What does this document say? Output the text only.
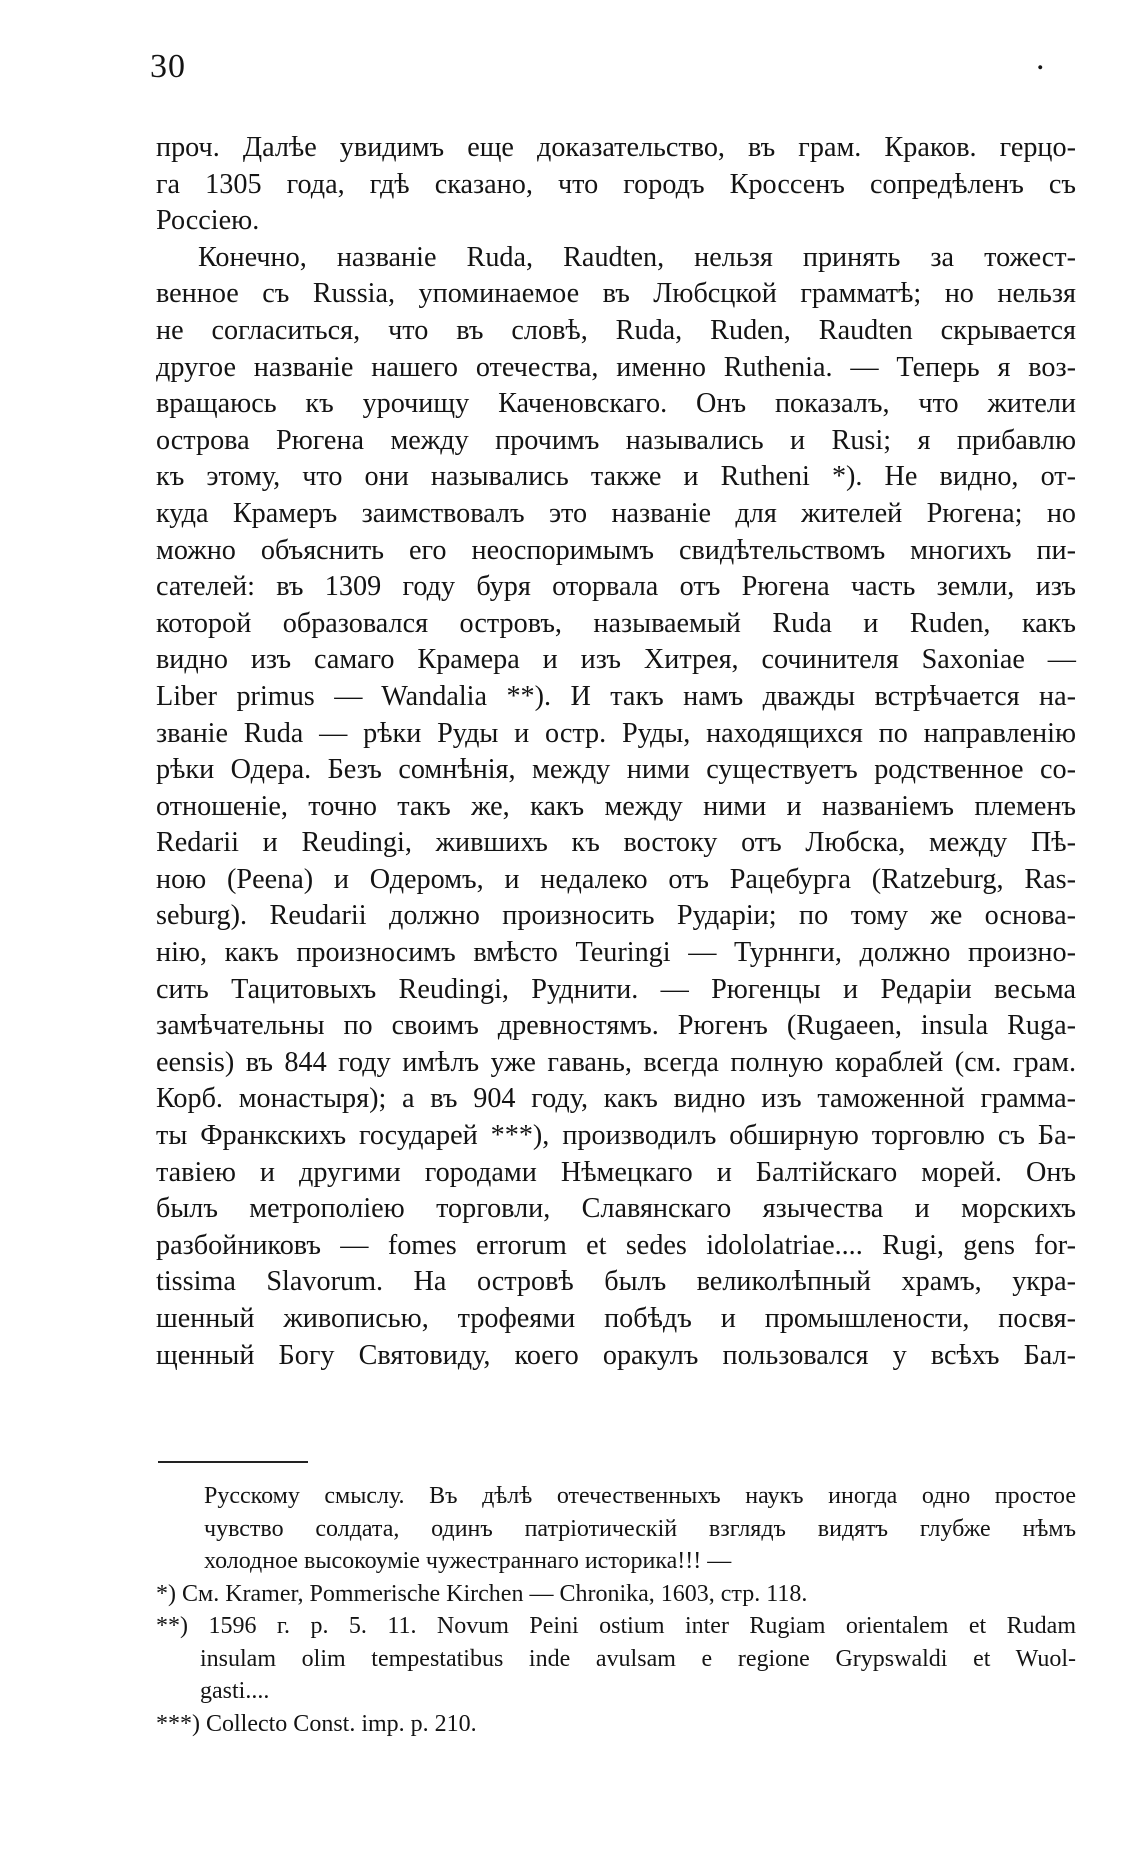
30	.
проч. Далѣе увидимъ еще доказательство, въ грам. Краков. герцо-
га 1305 года, гдѣ сказано, что городъ Кроссенъ сопредѣленъ съ
Россiею.
Конечно, названiе Ruda, Raudten, нельзя принять за тожест-
венное съ Russia, упоминаемое въ Любсцкой грамматѣ; но нельзя
не согласиться, что въ словѣ, Ruda, Ruden, Raudten скрывается
другое названiе нашего отечества, именно Ruthenia. — Теперь я воз-
вращаюсь къ урочищу Каченовскаго. Онъ показалъ, что жители
острова Рюгена между прочимъ назывались и Rusi; я прибавлю
къ этому, что они назывались также и Rutheni *). Не видно, от-
куда Крамеръ заимствовалъ это названiе для жителей Рюгена; но
можно объяснить его неоспоримымъ свидѣтельствомъ многихъ пи-
сателей: въ 1309 году буря оторвала отъ Рюгена часть земли, изъ
которой образовался островъ, называемый Ruda и Ruden, какъ
видно изъ самаго Крамера и изъ Хитрея, сочинителя Saxoniae —
Liber primus — Wandalia **). И такъ намъ дважды встрѣчается на-
званiе Ruda — рѣки Руды и остр. Руды, находящихся по направленiю
рѣки Одера. Безъ сомнѣнiя, между ними существуетъ родственное со-
отношенiе, точно такъ же, какъ между ними и названiемъ племенъ
Redarii и Reudingi, жившихъ къ востоку отъ Любска, между Пѣ-
ною (Peena) и Одеромъ, и недалеко отъ Рацебурга (Ratzeburg, Ras-
seburg). Reudarii должно произносить Рударiи; по тому же основа-
нiю, какъ произносимъ вмѣсто Teuringi — Турннги, должно произно-
сить Тацитовыхъ Reudingi, Руднити. — Рюгенцы и Редарiи весьма
замѣчательны по своимъ древностямъ. Рюгенъ (Rugaeen, insula Ruga-
eensis) въ 844 году имѣлъ уже гавань, всегда полную кораблей (см. грам.
Корб. монастыря); а въ 904 году, какъ видно изъ таможенной грамма-
ты Франкскихъ государей ***), производилъ обширную торговлю съ Ба-
тавiею и другими городами Нѣмецкаго и Балтiйскаго морей. Онъ
былъ метрополiею торговли, Славянскаго язычества и морскихъ
разбойниковъ — fomes errorum et sedes idololatriae.... Rugi, gens for-
tissima Slavorum. На островѣ былъ великолѣпный храмъ, укра-
шенный живописью, трофеями побѣдъ и промышлености, посвя-
щенный Богу Святовиду, коего оракулъ пользовался у всѣхъ Бал-
Русскому смыслу. Въ дѣлѣ отечественныхъ наукъ иногда одно простое
чувство солдата, одинъ патрiотическiй взглядъ видятъ глубже нѣмъ
холодное высокоумiе чужестраннаго историка!!! —
*) См. Kramer, Pommerische Kirchen — Chronika, 1603, стр. 118.
**) 1596 г. р. 5. 11. Novum Peini ostium inter Rugiam orientalem et Rudam
insulam olim tempestatibus inde avulsam e regione Grypswaldi et Wuol-
gasti....
***) Collecto Const. imp. p. 210.
